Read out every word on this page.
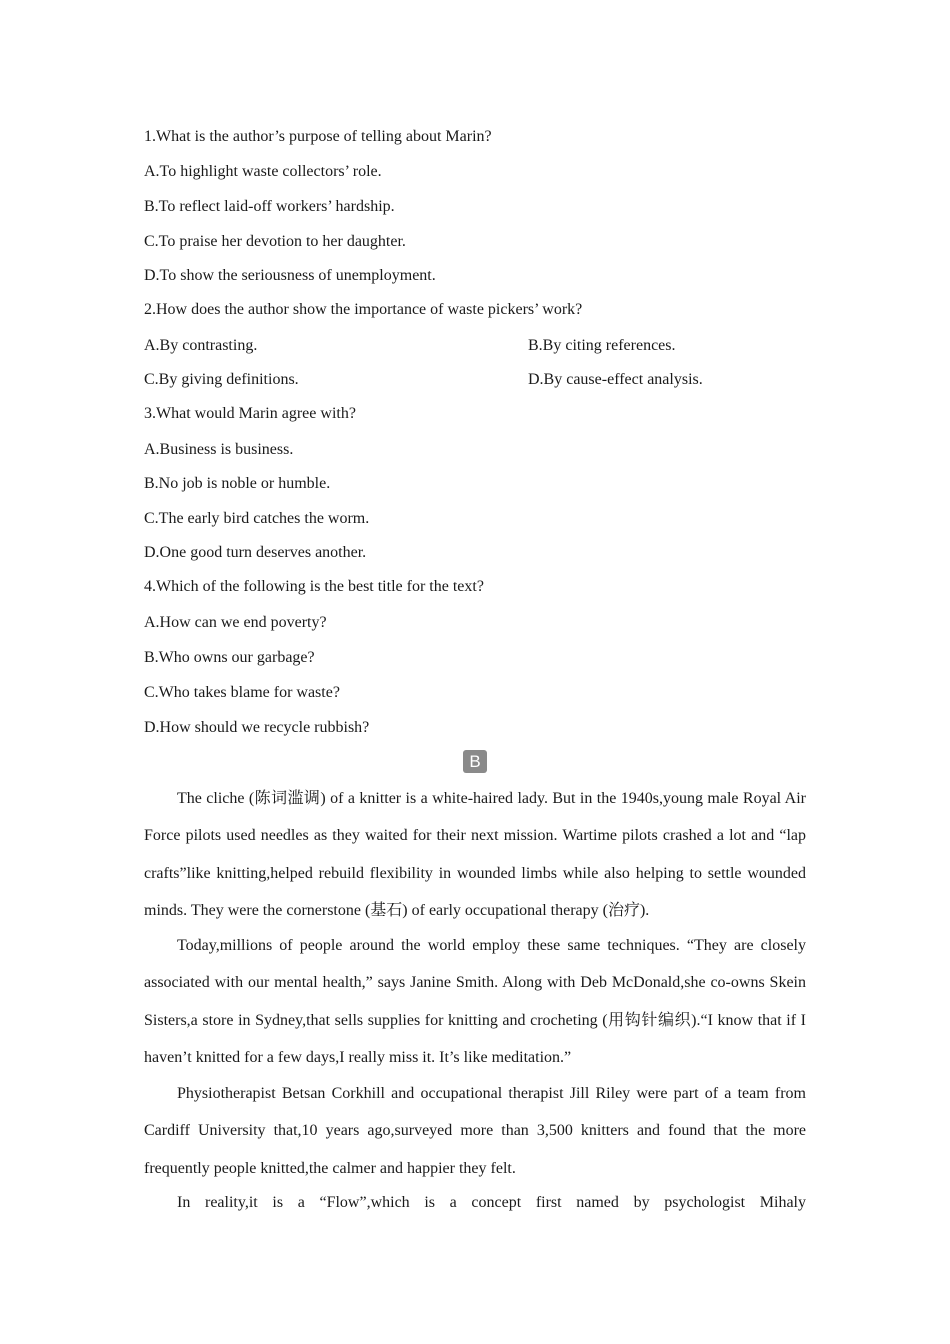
1.What is the author’s purpose of telling about Marin?
A.To highlight waste collectors’ role.
B.To reflect laid-off workers’ hardship.
C.To praise her devotion to her daughter.
D.To show the seriousness of unemployment.
2.How does the author show the importance of waste pickers’ work?
A.By contrasting.	B.By citing references.
C.By giving definitions.	D.By cause-effect analysis.
3.What would Marin agree with?
A.Business is business.
B.No job is noble or humble.
C.The early bird catches the worm.
D.One good turn deserves another.
4.Which of the following is the best title for the text?
A.How can we end poverty?
B.Who owns our garbage?
C.Who takes blame for waste?
D.How should we recycle rubbish?
B

The cliche (陈词滥调) of a knitter is a white-haired lady. But in the 1940s,young male Royal Air Force pilots used needles as they waited for their next mission. Wartime pilots crashed a lot and “lap crafts”like knitting,helped rebuild flexibility in wounded limbs while also helping to settle wounded minds. They were the cornerstone (基石) of early occupational therapy (治疗).

Today,millions of people around the world employ these same techniques. “They are closely associated with our mental health,” says Janine Smith. Along with Deb McDonald,she co-owns Skein Sisters,a store in Sydney,that sells supplies for knitting and crocheting (用钩针编织).“I know that if I haven’t knitted for a few days,I really miss it. It’s like meditation.”

Physiotherapist Betsan Corkhill and occupational therapist Jill Riley were part of a team from Cardiff University that,10 years ago,surveyed more than 3,500 knitters and found that the more frequently people knitted,the calmer and happier they felt.

In reality,it is a “Flow”,which is a concept first named by psychologist Mihaly
